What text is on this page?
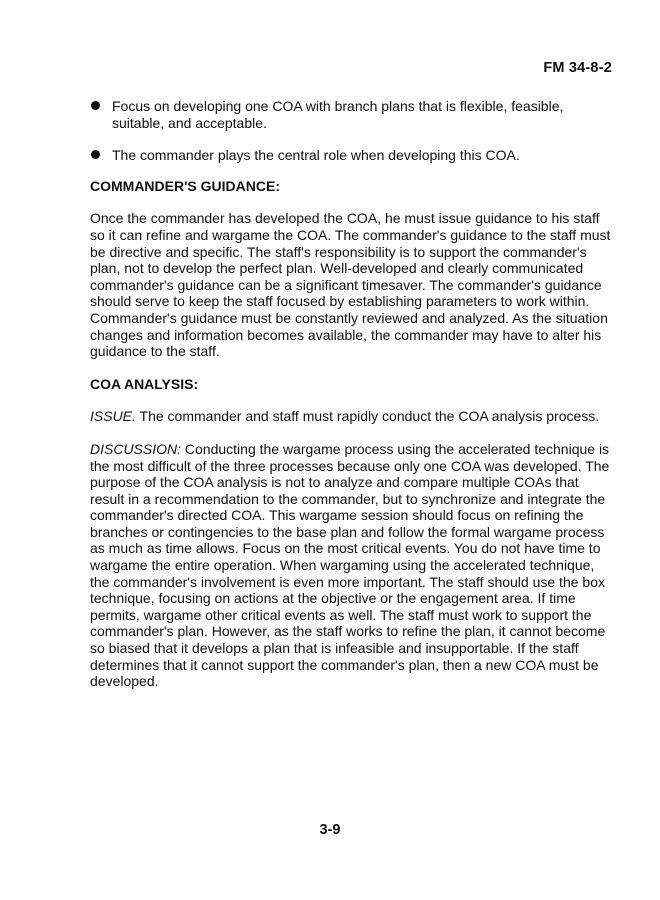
FM 34-8-2
Focus on developing one COA with branch plans that is flexible, feasible, suitable, and acceptable.
The commander plays the central role when developing this COA.
COMMANDER'S GUIDANCE:

Once the commander has developed the COA, he must issue guidance to his staff so it can refine and wargame the COA. The commander's guidance to the staff must be directive and specific. The staff's responsibility is to support the commander's plan, not to develop the perfect plan. Well-developed and clearly communicated commander's guidance can be a significant timesaver. The commander's guidance should serve to keep the staff focused by establishing parameters to work within. Commander's guidance must be constantly reviewed and analyzed. As the situation changes and information becomes available, the commander may have to alter his guidance to the staff.

COA ANALYSIS:

ISSUE. The commander and staff must rapidly conduct the COA analysis process.

DISCUSSION: Conducting the wargame process using the accelerated technique is the most difficult of the three processes because only one COA was developed. The purpose of the COA analysis is not to analyze and compare multiple COAs that result in a recommendation to the commander, but to synchronize and integrate the commander's directed COA. This wargame session should focus on refining the branches or contingencies to the base plan and follow the formal wargame process as much as time allows. Focus on the most critical events. You do not have time to wargame the entire operation. When wargaming using the accelerated technique, the commander's involvement is even more important. The staff should use the box technique, focusing on actions at the objective or the engagement area. If time permits, wargame other critical events as well. The staff must work to support the commander's plan. However, as the staff works to refine the plan, it cannot become so biased that it develops a plan that is infeasible and insupportable. If the staff determines that it cannot support the commander's plan, then a new COA must be developed.

3-9
